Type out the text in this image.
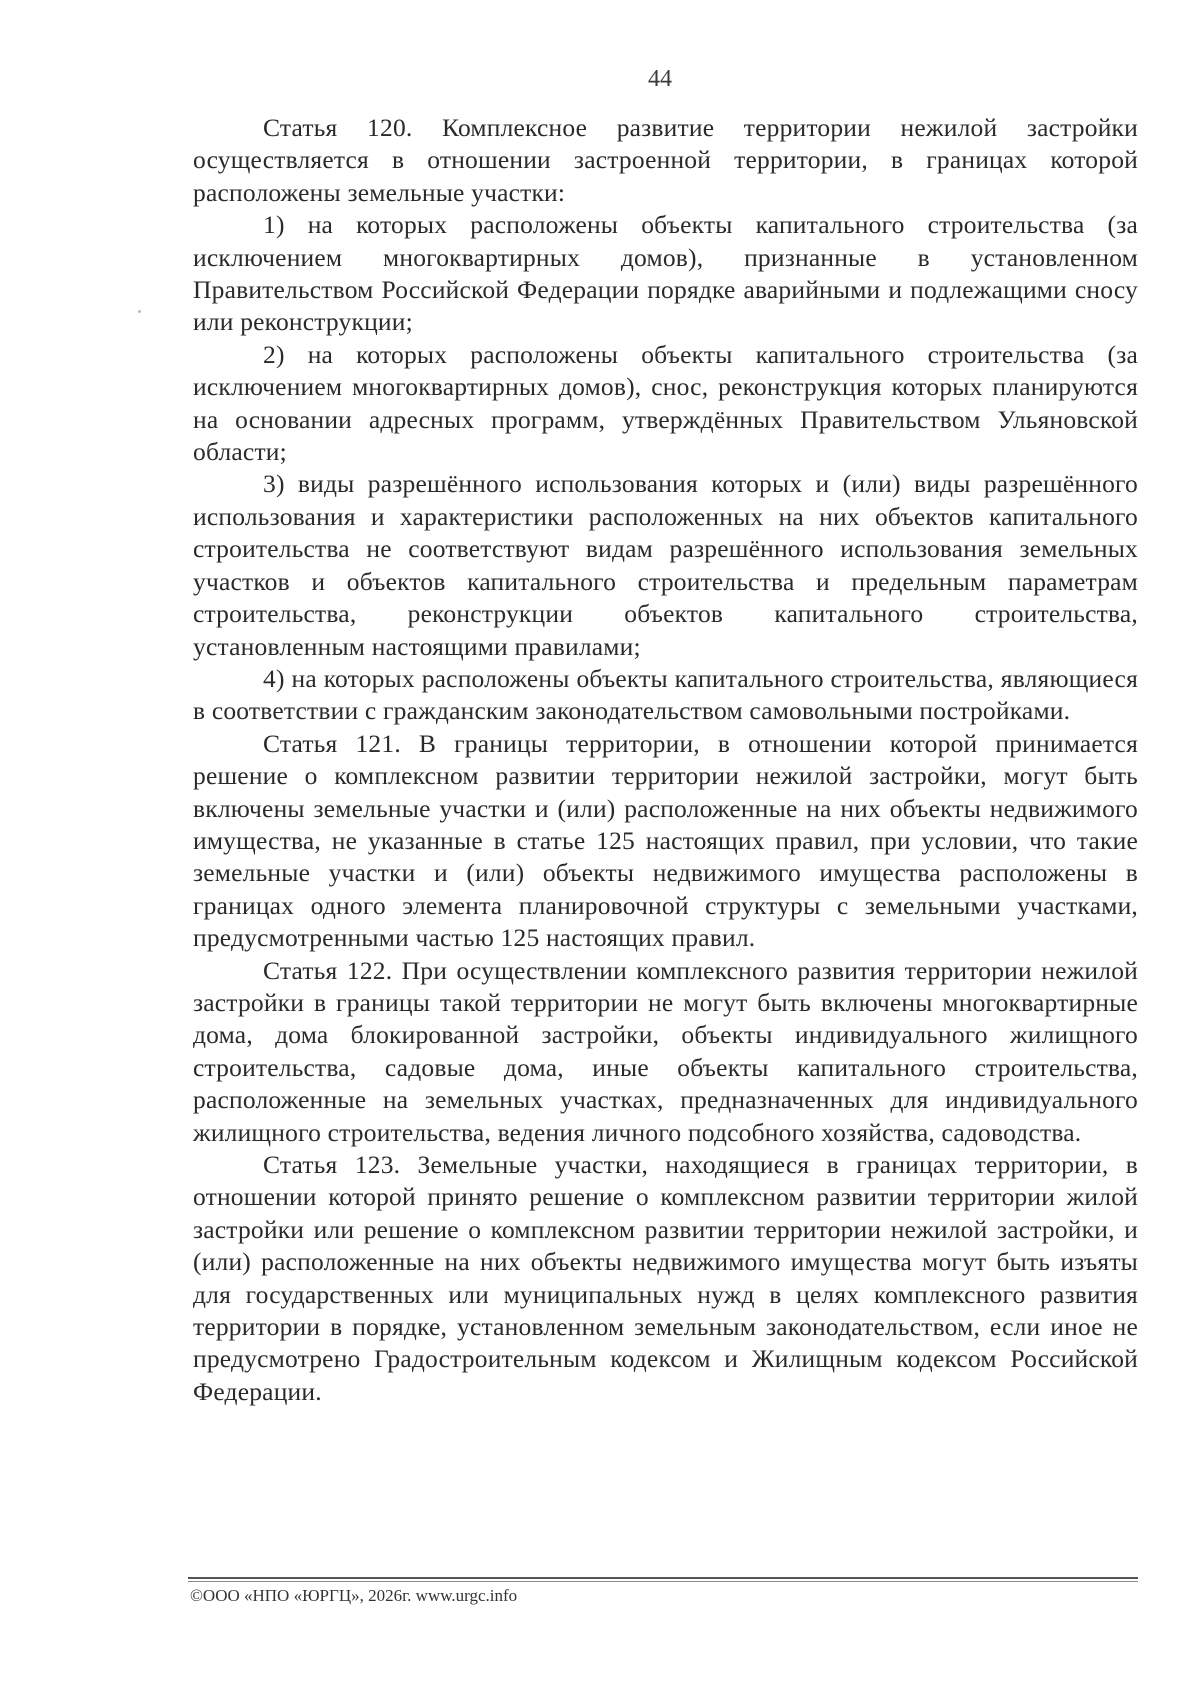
44

Статья 120. Комплексное развитие территории нежилой застройки осуществляется в отношении застроенной территории, в границах которой расположены земельные участки:

1) на которых расположены объекты капитального строительства (за исключением многоквартирных домов), признанные в установленном Правительством Российской Федерации порядке аварийными и подлежащими сносу или реконструкции;

2) на которых расположены объекты капитального строительства (за исключением многоквартирных домов), снос, реконструкция которых планируются на основании адресных программ, утверждённых Правительством Ульяновской области;

3) виды разрешённого использования которых и (или) виды разрешённого использования и характеристики расположенных на них объектов капитального строительства не соответствуют видам разрешённого использования земельных участков и объектов капитального строительства и предельным параметрам строительства, реконструкции объектов капитального строительства, установленным настоящими правилами;

4) на которых расположены объекты капитального строительства, являющиеся в соответствии с гражданским законодательством самовольными постройками.

Статья 121. В границы территории, в отношении которой принимается решение о комплексном развитии территории нежилой застройки, могут быть включены земельные участки и (или) расположенные на них объекты недвижимого имущества, не указанные в статье 125 настоящих правил, при условии, что такие земельные участки и (или) объекты недвижимого имущества расположены в границах одного элемента планировочной структуры с земельными участками, предусмотренными частью 125 настоящих правил.

Статья 122. При осуществлении комплексного развития территории нежилой застройки в границы такой территории не могут быть включены многоквартирные дома, дома блокированной застройки, объекты индивидуального жилищного строительства, садовые дома, иные объекты капитального строительства, расположенные на земельных участках, предназначенных для индивидуального жилищного строительства, ведения личного подсобного хозяйства, садоводства.

Статья 123. Земельные участки, находящиеся в границах территории, в отношении которой принято решение о комплексном развитии территории жилой застройки или решение о комплексном развитии территории нежилой застройки, и (или) расположенные на них объекты недвижимого имущества могут быть изъяты для государственных или муниципальных нужд в целях комплексного развития территории в порядке, установленном земельным законодательством, если иное не предусмотрено Градостроительным кодексом и Жилищным кодексом Российской Федерации.

©ООО «НПО «ЮРГЦ», 2026г. www.urgc.info
